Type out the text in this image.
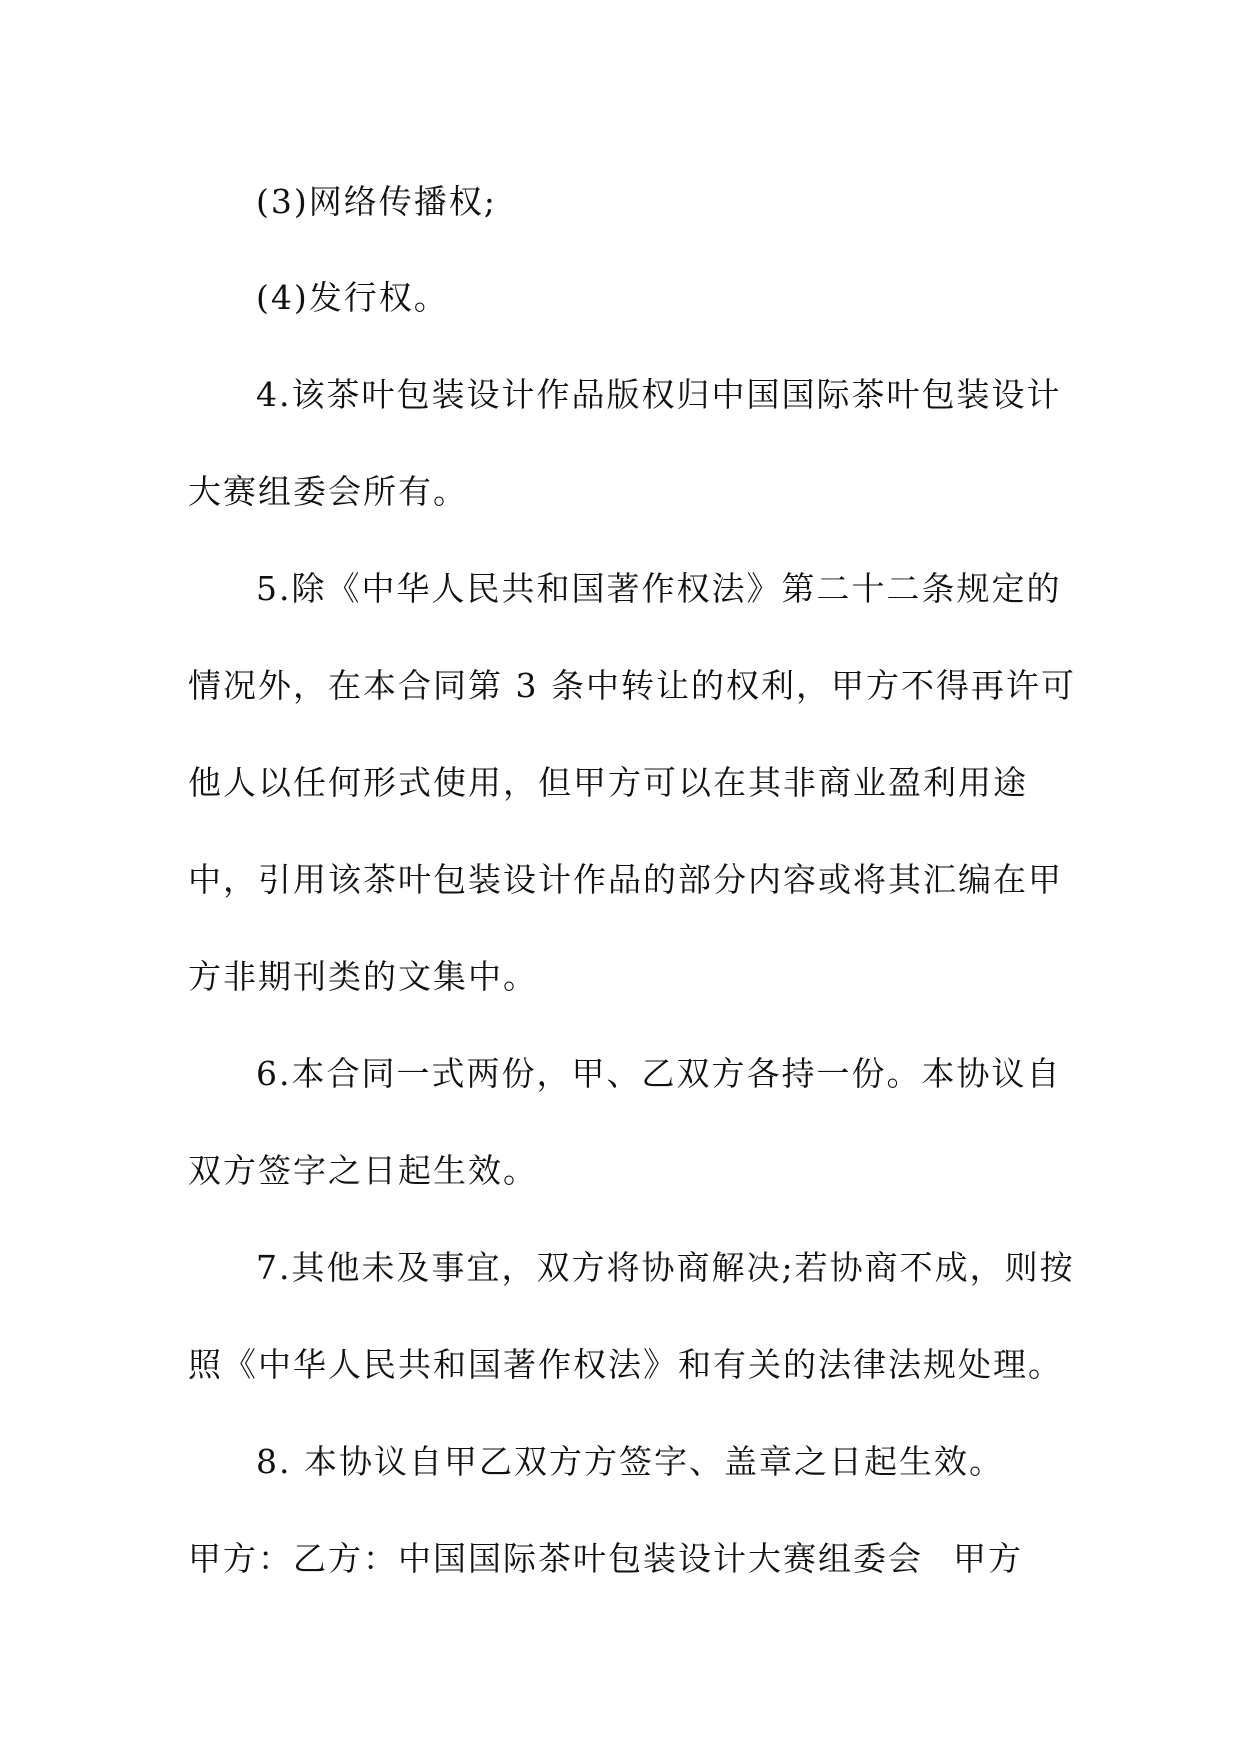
(3)网络传播权;
(4)发行权。
4.该茶叶包装设计作品版权归中国国际茶叶包装设计
大赛组委会所有。
5.除《中华人民共和国著作权法》第二十二条规定的
情况外，在本合同第 3 条中转让的权利，甲方不得再许可
他人以任何形式使用，但甲方可以在其非商业盈利用途
中，引用该茶叶包装设计作品的部分内容或将其汇编在甲
方非期刊类的文集中。
6.本合同一式两份，甲、乙双方各持一份。本协议自
双方签字之日起生效。
7.其他未及事宜，双方将协商解决;若协商不成，则按
照《中华人民共和国著作权法》和有关的法律法规处理。
8. 本协议自甲乙双方方签字、盖章之日起生效。
甲方：乙方：中国国际茶叶包装设计大赛组委会 甲方
